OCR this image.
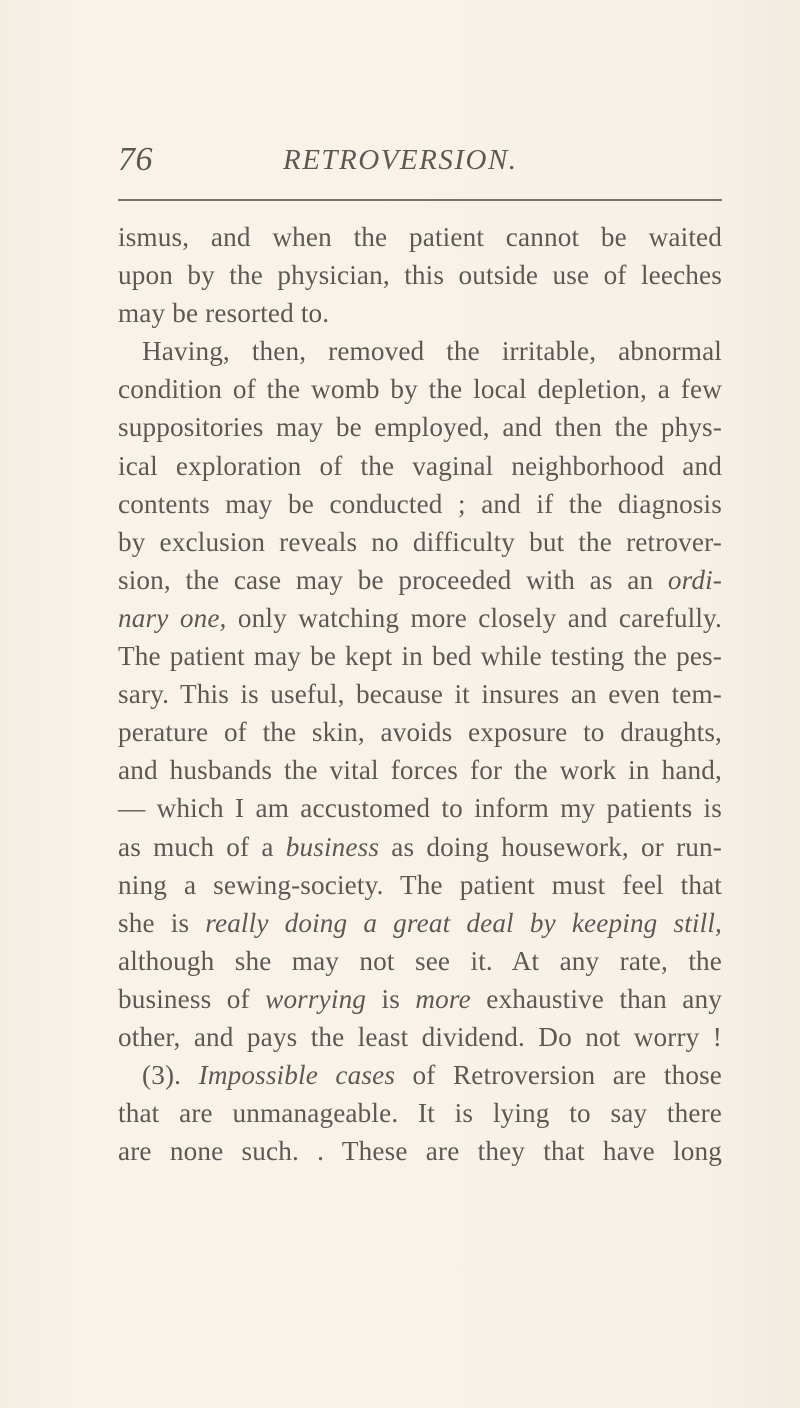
76	RETROVERSION.
ismus, and when the patient cannot be waited
upon by the physician, this outside use of leeches
may be resorted to.
Having, then, removed the irritable, abnormal
condition of the womb by the local depletion, a few
suppositories may be employed, and then the phys-
ical exploration of the vaginal neighborhood and
contents may be conducted ; and if the diagnosis
by exclusion reveals no difficulty but the retrover-
sion, the case may be proceeded with as an ordi-
nary one, only watching more closely and carefully.
The patient may be kept in bed while testing the pes-
sary. This is useful, because it insures an even tem-
perature of the skin, avoids exposure to draughts,
and husbands the vital forces for the work in hand,
— which I am accustomed to inform my patients is
as much of a business as doing housework, or run-
ning a sewing-society. The patient must feel that
she is really doing a great deal by keeping still,
although she may not see it. At any rate, the
business of worrying is more exhaustive than any
other, and pays the least dividend. Do not worry !
(3). Impossible cases of Retroversion are those
that are unmanageable. It is lying to say there
are none such. . These are they that have long
